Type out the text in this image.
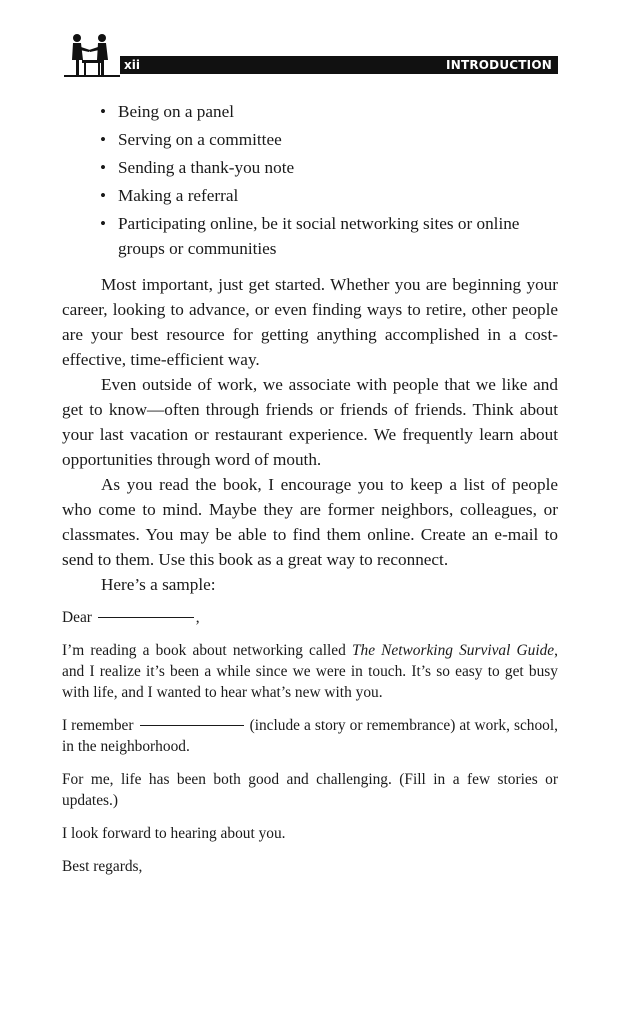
xii	INTRODUCTION
• Being on a panel
• Serving on a committee
• Sending a thank-you note
• Making a referral
• Participating online, be it social networking sites or online groups or communities

Most important, just get started. Whether you are beginning your career, looking to advance, or even finding ways to retire, other people are your best resource for getting anything accomplished in a cost-effective, time-efficient way.

Even outside of work, we associate with people that we like and get to know—often through friends or friends of friends. Think about your last vacation or restaurant experience. We frequently learn about opportunities through word of mouth.

As you read the book, I encourage you to keep a list of people who come to mind. Maybe they are former neighbors, colleagues, or classmates. You may be able to find them online. Create an e-mail to send to them. Use this book as a great way to reconnect.

Here’s a sample:

Dear	,

I’m reading a book about networking called The Networking Survival Guide, and I realize it’s been a while since we were in touch. It’s so easy to get busy with life, and I wanted to hear what’s new with you.

I remember	(include a story or remembrance) at work, school, in the neighborhood.

For me, life has been both good and challenging. (Fill in a few stories or updates.)

I look forward to hearing about you.

Best regards,
